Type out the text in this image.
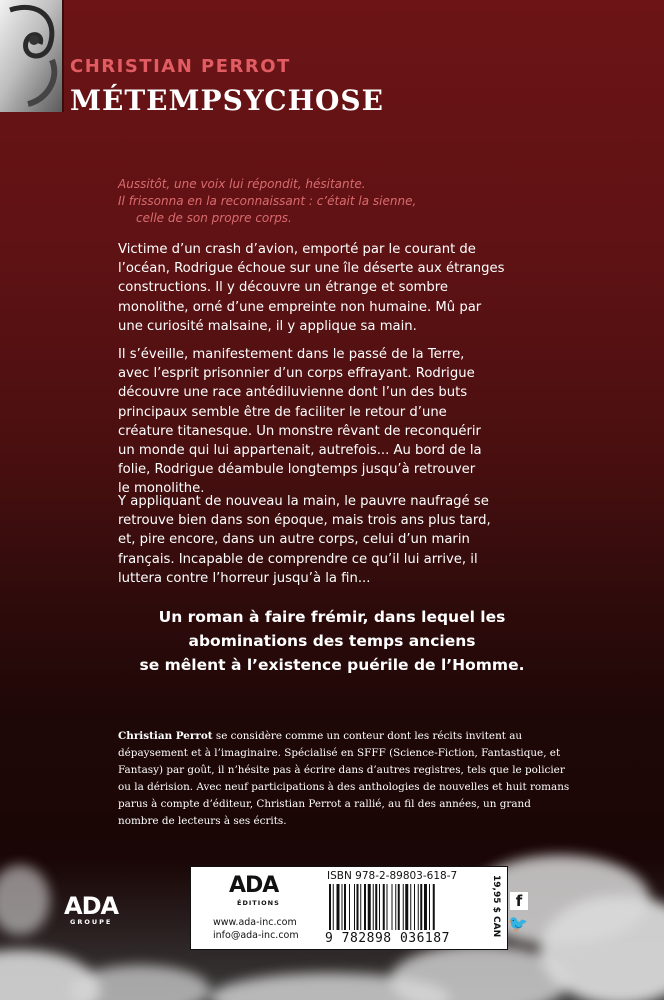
CHRISTIAN PERROT
MÉTEMPSYCHOSE
Aussitôt, une voix lui répondit, hésitante.
Il frissonna en la reconnaissant : c’était la sienne,
celle de son propre corps.
Victime d’un crash d’avion, emporté par le courant de
l’océan, Rodrigue échoue sur une île déserte aux étranges
constructions. Il y découvre un étrange et sombre
monolithe, orné d’une empreinte non humaine. Mû par
une curiosité malsaine, il y applique sa main.
Il s’éveille, manifestement dans le passé de la Terre,
avec l’esprit prisonnier d’un corps effrayant. Rodrigue
découvre une race antédiluvienne dont l’un des buts
principaux semble être de faciliter le retour d’une
créature titanesque. Un monstre rêvant de reconquérir
un monde qui lui appartenait, autrefois... Au bord de la
folie, Rodrigue déambule longtemps jusqu’à retrouver
le monolithe.
Y appliquant de nouveau la main, le pauvre naufragé se
retrouve bien dans son époque, mais trois ans plus tard,
et, pire encore, dans un autre corps, celui d’un marin
français. Incapable de comprendre ce qu’il lui arrive, il
luttera contre l’horreur jusqu’à la fin...
Un roman à faire frémir, dans lequel les
abominations des temps anciens
se mêlent à l’existence puérile de l’Homme.
Christian Perrot se considère comme un conteur dont les récits invitent au
dépaysement et à l’imaginaire. Spécialisé en SFFF (Science-Fiction, Fantastique, et
Fantasy) par goût, il n’hésite pas à écrire dans d’autres registres, tels que le policier
ou la dérision. Avec neuf participations à des anthologies de nouvelles et huit romans
parus à compte d’éditeur, Christian Perrot a rallié, au fil des années, un grand
nombre de lecteurs à ses écrits.
ADA
GROUPE
ADA
ÉDITIONS
www.ada-inc.com
info@ada-inc.com
ISBN 978-2-89803-618-7
9 782898 036187
19,95 $ CAN f
🐦
